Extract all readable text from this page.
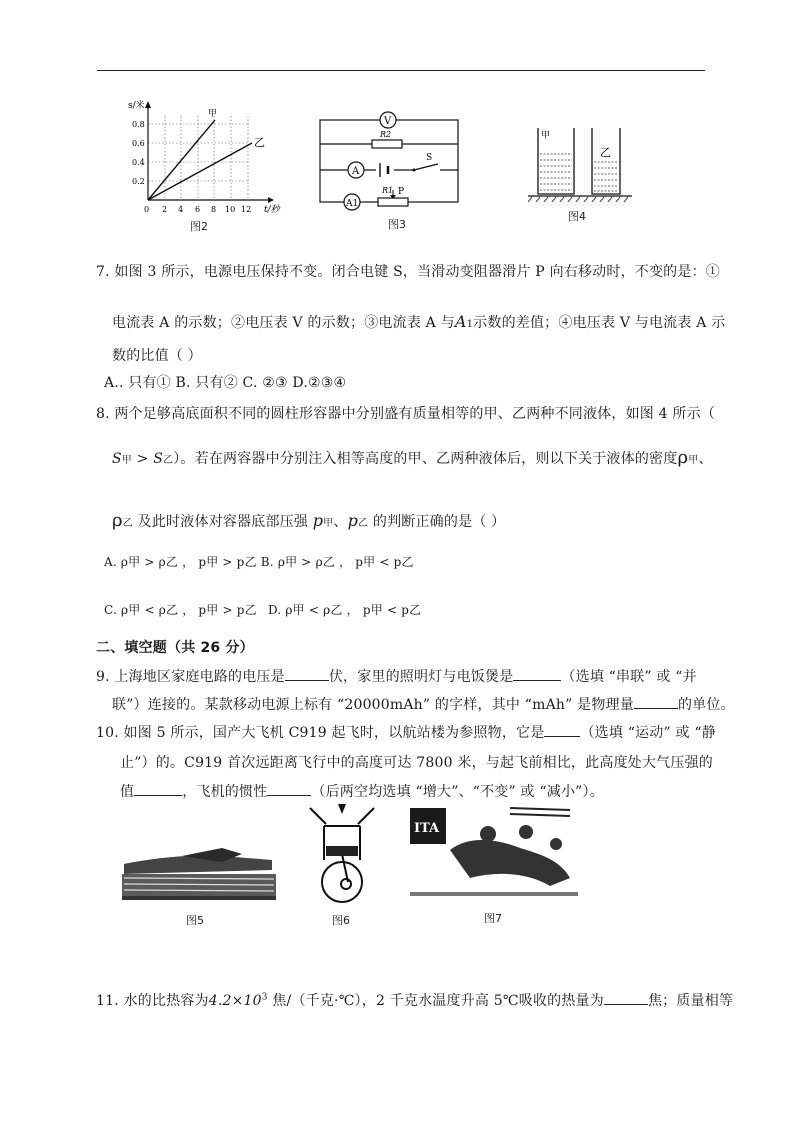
s/米
0.8
0.6
0.4
0.2
0 2 4 6 8 10 12 t/秒
甲
乙
图2
V
R2
A
A1
S
R1 P
图3
甲
乙
图4
7. 如图 3 所示，电源电压保持不变。闭合电键 S，当滑动变阻器滑片 P 向右移动时，不变的是：①
电流表 A 的示数；②电压表 V 的示数；③电流表 A 与A1示数的差值；④电压表 V 与电流表 A 示
数的比值（ ）
A.. 只有① B. 只有② C. ②③ D.②③④
8. 两个足够高底面积不同的圆柱形容器中分别盛有质量相等的甲、乙两种不同液体，如图 4 所示（
S甲 > S乙）。若在两容器中分别注入相等高度的甲、乙两种液体后，则以下关于液体的密度ρ甲、
ρ乙 及此时液体对容器底部压强 p甲、p乙 的判断正确的是（ ）
A. ρ甲 > ρ乙 ， p甲 > p乙 B. ρ甲 > ρ乙 ， p甲 < p乙
C. ρ甲 < ρ乙 ， p甲 > p乙 D. ρ甲 < ρ乙 ， p甲 < p乙
二、填空题（共 26 分）
9. 上海地区家庭电路的电压是	伏，家里的照明灯与电饭煲是	（选填 “串联” 或 “并
联”）连接的。某款移动电源上标有 “20000mAh” 的字样，其中 “mAh” 是物理量	的单位。
10. 如图 5 所示，国产大飞机 C919 起飞时，以航站楼为参照物，它是	（选填 “运动” 或 “静
止”）的。C919 首次远距离飞行中的高度可达 7800 米，与起飞前相比，此高度处大气压强的
值	，飞机的惯性	（后两空均选填 “增大”、“不变” 或 “减小”）。
图5	图6
ITA
图7
11. 水的比热容为$4.2\times 10^3$ 焦/（千克·℃），2 千克水温度升高 5℃吸收的热量为	焦；质量相等
